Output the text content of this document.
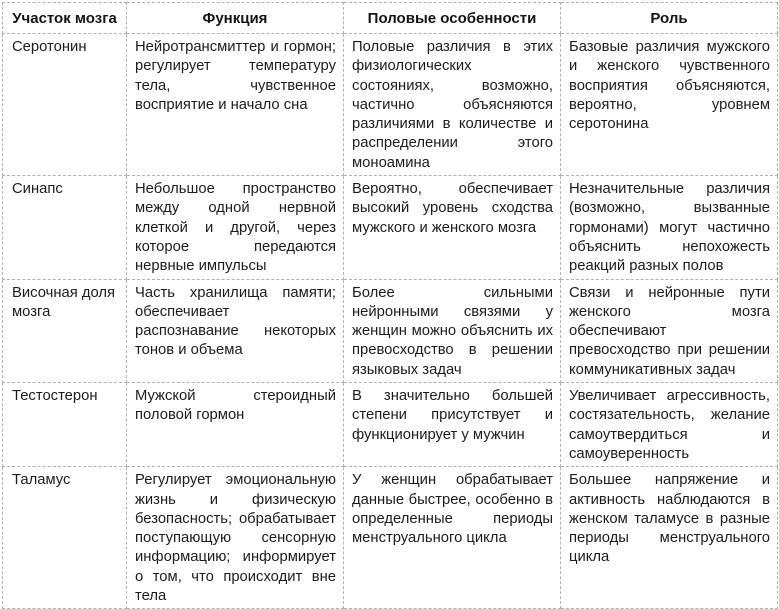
Участок мозга	Функция	Половые особенности	Роль
Серотонин	Нейротрансмиттер и гормон; регулирует температуру тела, чувственное восприятие и начало сна	Половые различия в этих физиологических состояниях, возможно, частично объясняются различиями в количестве и распределении этого моноамина	Базовые различия мужского и женского чувственного восприятия объясняются, вероятно, уровнем серотонина
Синапс	Небольшое пространство между одной нервной клеткой и другой, через которое передаются нервные импульсы	Вероятно, обеспечивает высокий уровень сходства мужского и женского мозга	Незначительные различия (возможно, вызванные гормонами) могут частично объяснить непохожесть реакций разных полов
Височная доля мозга	Часть хранилища памяти; обеспечивает распознавание некоторых тонов и объема	Более сильными нейронными связями у женщин можно объяснить их превосходство в решении языковых задач	Связи и нейронные пути женского мозга обеспечивают превосходство при решении коммуникативных задач
Тестостерон	Мужской стероидный половой гормон	В значительно большей степени присутствует и функционирует у мужчин	Увеличивает агрессивность, состязательность, желание самоутвердиться и самоуверенность
Таламус	Регулирует эмоциональную жизнь и физическую безопасность; обрабатывает поступающую сенсорную информацию; информирует о том, что происходит вне тела	У женщин обрабатывает данные быстрее, особенно в определенные периоды менструального цикла	Большее напряжение и активность наблюдаются в женском таламусе в разные периоды менструального цикла
